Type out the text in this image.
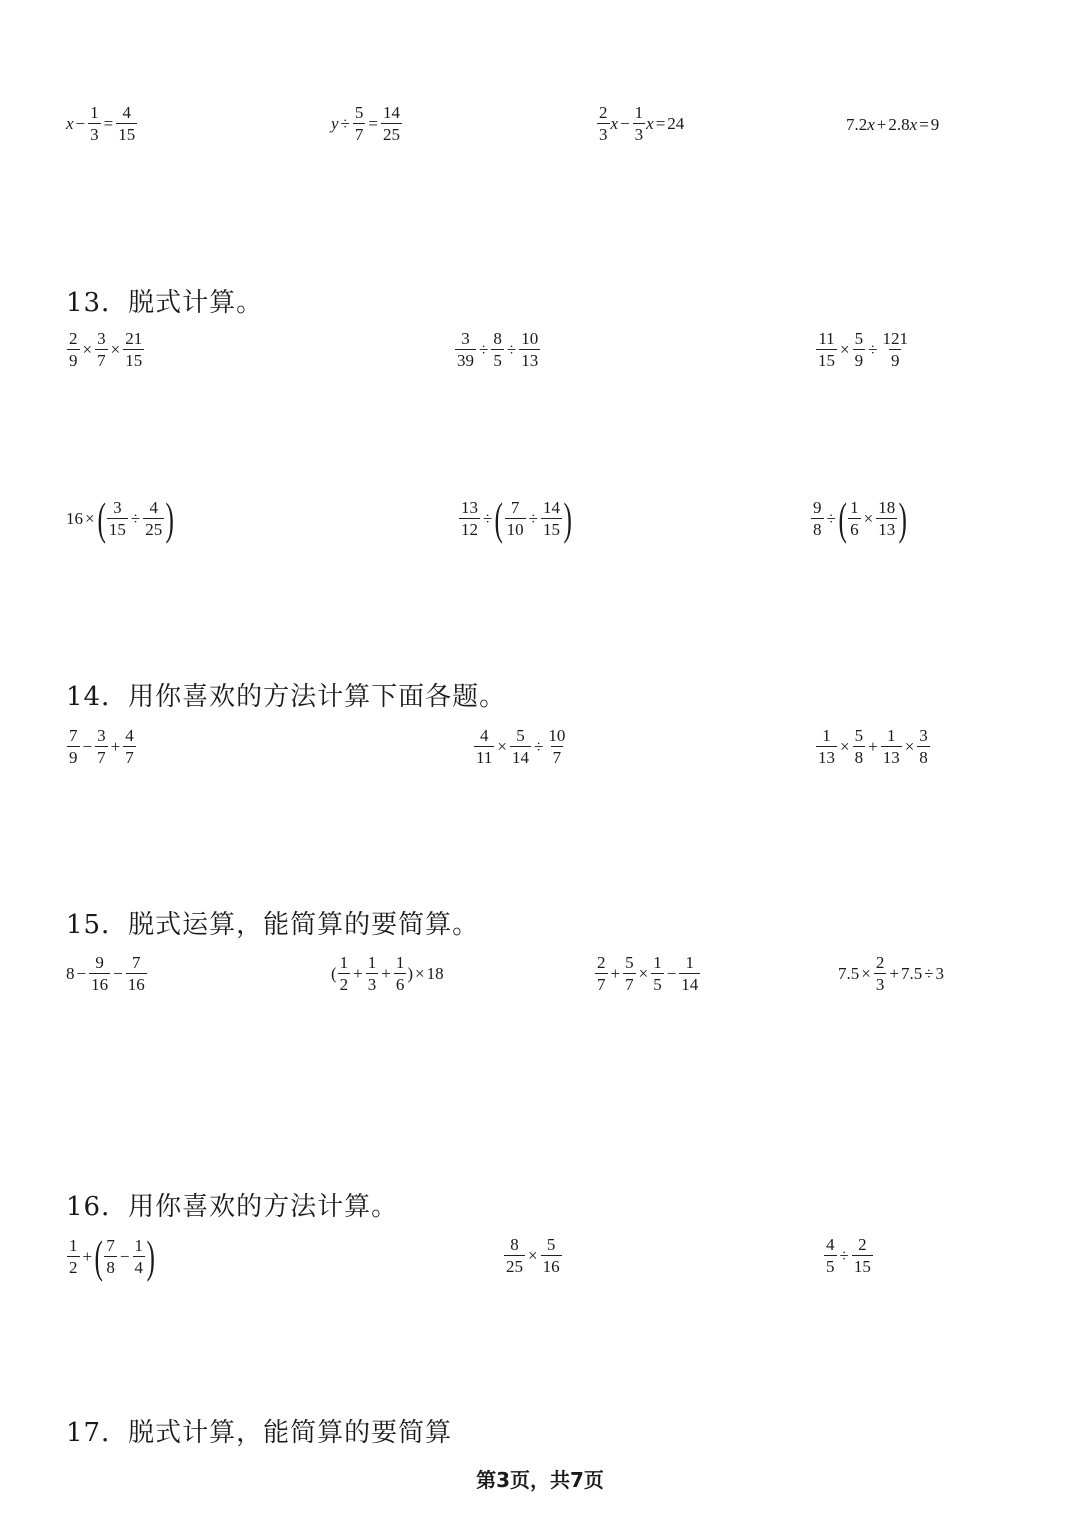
$x - \frac{1}{3} = \frac{4}{15}$	$y \div \frac{5}{7} = \frac{14}{25}$	$\frac{2}{3}$ $x - \frac{1}{3}$ x = 24	7.2 x + 2.8 x = 9
13．脱式计算。
$\frac{2}{9} \times \frac{3}{7} \times \frac{21}{15}$	$\frac{3}{39} \div \frac{8}{5} \div \frac{10}{13}$	$\frac{11}{15} \times \frac{5}{9} \div \frac{121}{9}$
16 × ( $\frac{3}{15} \div \frac{4}{25}$ )	$\frac{13}{12}$ ÷ ( $\frac{7}{10} \div \frac{14}{15}$ )	$\frac{9}{8}$ ÷ ( $\frac{1}{6} \times \frac{18}{13}$ )
14．用你喜欢的方法计算下面各题。
$\frac{7}{9} - \frac{3}{7} + \frac{4}{7}$	$\frac{4}{11} \times \frac{5}{14} \div \frac{10}{7}$	$\frac{1}{13} \times \frac{5}{8} + \frac{1}{13} \times \frac{3}{8}$
15．脱式运算，能简算的要简算。
$8 - \frac{9}{16} - \frac{7}{16}$	( $\frac{1}{2} + \frac{1}{3} + \frac{1}{6}$ ) × 18	$\frac{2}{7} + \frac{5}{7} \times \frac{1}{5} - \frac{1}{14}$	$7.5 \times \frac{2}{3} + 7.5 \div 3$
16．用你喜欢的方法计算。
$\frac{1}{2}$ + ( $\frac{7}{8} - \frac{1}{4}$ )	$\frac{8}{25} \times \frac{5}{16}$	$\frac{4}{5} \div \frac{2}{15}$
17．脱式计算，能简算的要简算
第3页，共7页
